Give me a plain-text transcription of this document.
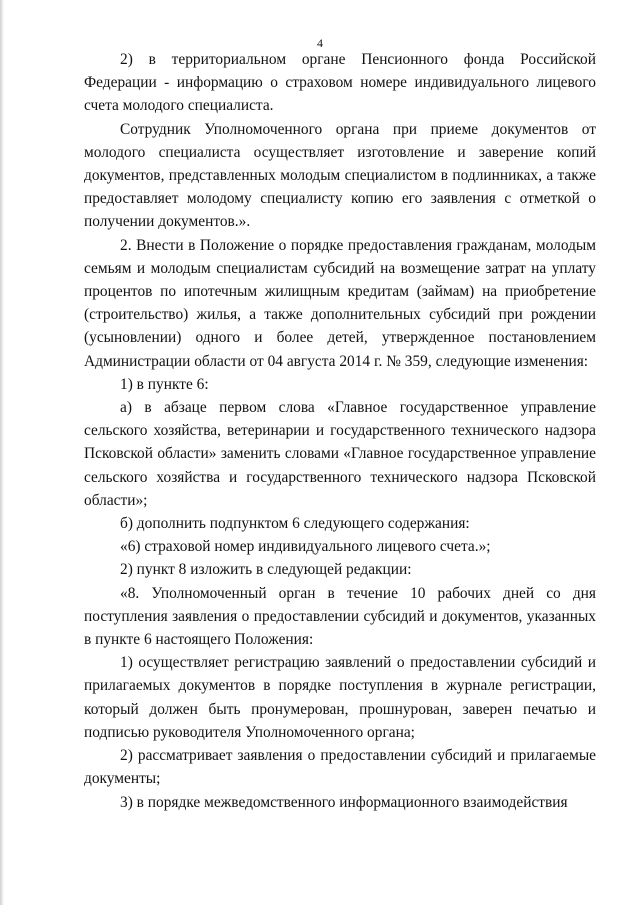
4

2) в территориальном органе Пенсионного фонда Российской Федерации - информацию о страховом номере индивидуального лицевого счета молодого специалиста.

Сотрудник Уполномоченного органа при приеме документов от молодого специалиста осуществляет изготовление и заверение копий документов, представленных молодым специалистом в подлинниках, а также предоставляет молодому специалисту копию его заявления с отметкой о получении документов.».

2. Внести в Положение о порядке предоставления гражданам, молодым семьям и молодым специалистам субсидий на возмещение затрат на уплату процентов по ипотечным жилищным кредитам (займам) на приобретение (строительство) жилья, а также дополнительных субсидий при рождении (усыновлении) одного и более детей, утвержденное постановлением Администрации области от 04 августа 2014 г. № 359, следующие изменения:

1) в пункте 6:

а) в абзаце первом слова «Главное государственное управление сельского хозяйства, ветеринарии и государственного технического надзора Псковской области» заменить словами «Главное государственное управление сельского хозяйства и государственного технического надзора Псковской области»;

б) дополнить подпунктом 6 следующего содержания:

«6) страховой номер индивидуального лицевого счета.»;

2) пункт 8 изложить в следующей редакции:

«8. Уполномоченный орган в течение 10 рабочих дней со дня поступления заявления о предоставлении субсидий и документов, указанных в пункте 6 настоящего Положения:

1) осуществляет регистрацию заявлений о предоставлении субсидий и прилагаемых документов в порядке поступления в журнале регистрации, который должен быть пронумерован, прошнурован, заверен печатью и подписью руководителя Уполномоченного органа;

2) рассматривает заявления о предоставлении субсидий и прилагаемые документы;

3) в порядке межведомственного информационного взаимодействия
